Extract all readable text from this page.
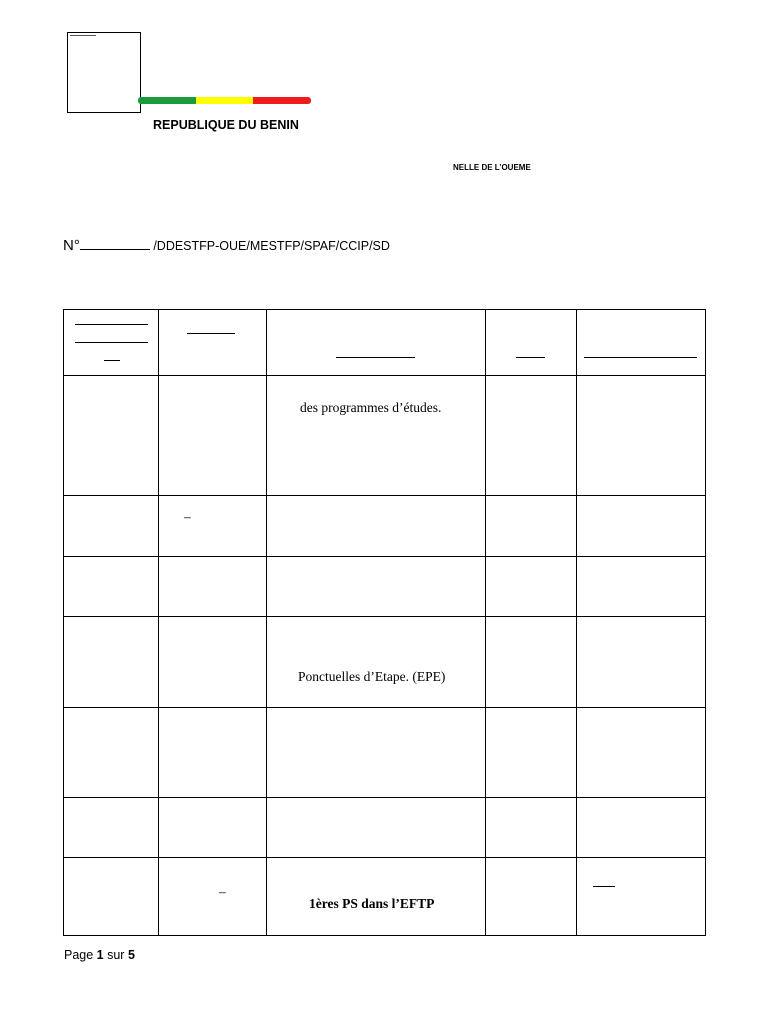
REPUBLIQUE DU BENIN
NELLE DE L’OUEME
N°	/DDESTFP-OUE/MESTFP/SPAF/CCIP/SD

		des programmes d’études.		

	–			

		Ponctuelles d’Etape. (EPE)		

	–	1ères PS dans l’EFTP		

Page 1 sur 5
